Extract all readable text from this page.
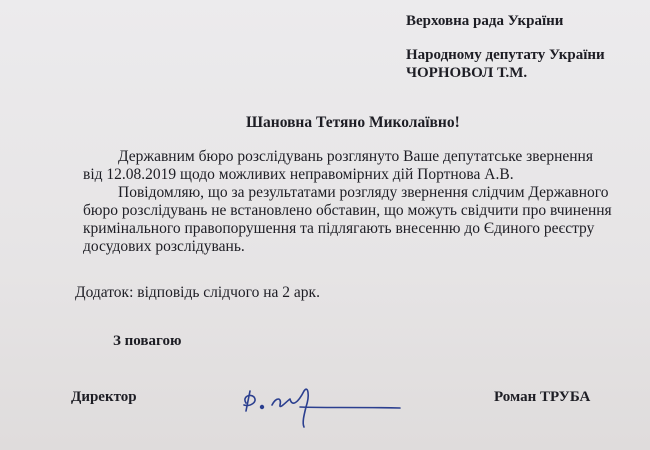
Верховна рада України
Народному депутату України
ЧОРНОВОЛ Т.М.
Шановна Тетяно Миколаївно!
Державним бюро розслідувань розглянуто Ваше депутатське звернення
від 12.08.2019 щодо можливих неправомірних дій Портнова А.В.
Повідомляю, що за результатами розгляду звернення слідчим Державного
бюро розслідувань не встановлено обставин, що можуть свідчити про вчинення
кримінального правопорушення та підлягають внесенню до Єдиного реєстру
досудових розслідувань.
Додаток: відповідь слідчого на 2 арк.
З повагою
Директор	Роман ТРУБА
